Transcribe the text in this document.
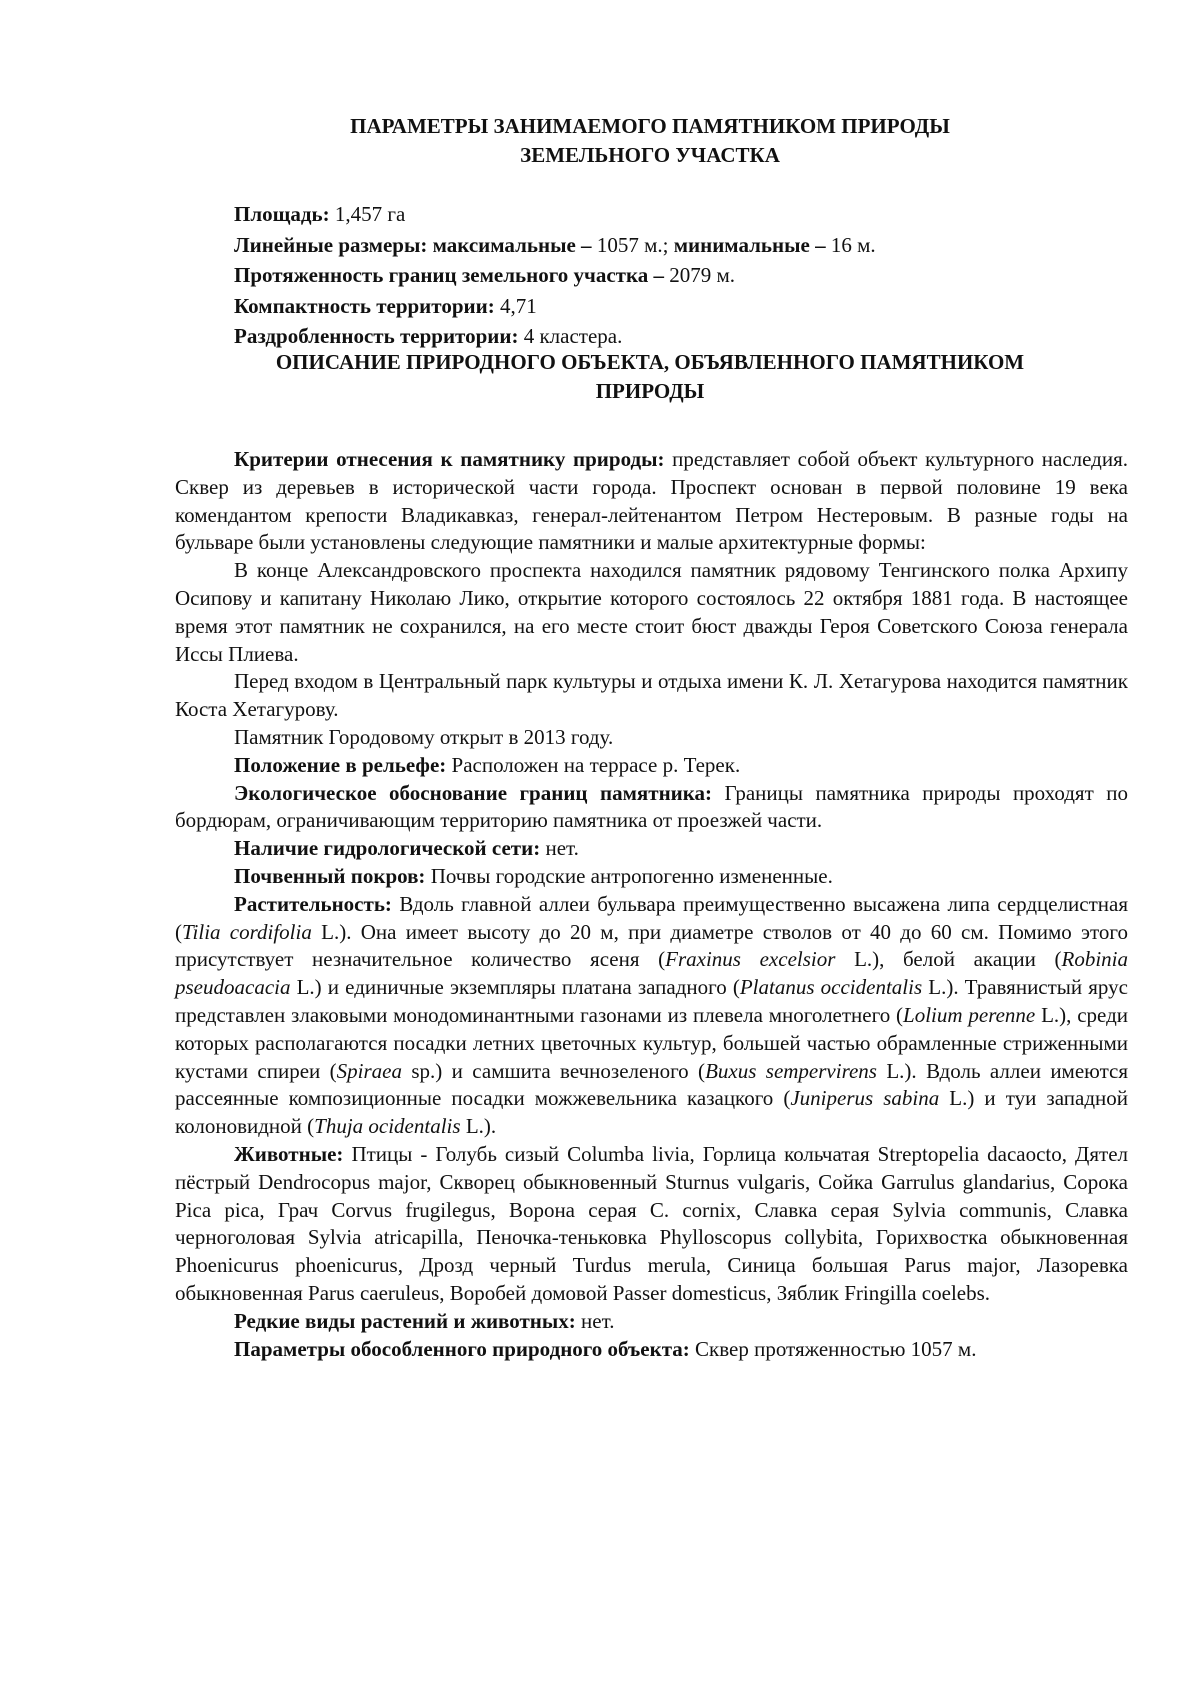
ПАРАМЕТРЫ ЗАНИМАЕМОГО ПАМЯТНИКОМ ПРИРОДЫ
ЗЕМЕЛЬНОГО УЧАСТКА
Площадь: 1,457 га
Линейные размеры: максимальные – 1057 м.; минимальные – 16 м.
Протяженность границ земельного участка – 2079 м.
Компактность территории: 4,71
Раздробленность территории: 4 кластера.
ОПИСАНИЕ ПРИРОДНОГО ОБЪЕКТА, ОБЪЯВЛЕННОГО ПАМЯТНИКОМ
ПРИРОДЫ

Критерии отнесения к памятнику природы: представляет собой объект культурного наследия. Сквер из деревьев в исторической части города. Проспект основан в первой половине 19 века комендантом крепости Владикавказ, генерал-лейтенантом Петром Нестеровым. В разные годы на бульваре были установлены следующие памятники и малые архитектурные формы:

В конце Александровского проспекта находился памятник рядовому Тенгинского полка Архипу Осипову и капитану Николаю Лико, открытие которого состоялось 22 октября 1881 года. В настоящее время этот памятник не сохранился, на его месте стоит бюст дважды Героя Советского Союза генерала Иссы Плиева.

Перед входом в Центральный парк культуры и отдыха имени К. Л. Хетагурова находится памятник Коста Хетагурову.

Памятник Городовому открыт в 2013 году.

Положение в рельефе: Расположен на террасе р. Терек.

Экологическое обоснование границ памятника: Границы памятника природы проходят по бордюрам, ограничивающим территорию памятника от проезжей части.

Наличие гидрологической сети: нет.

Почвенный покров: Почвы городские антропогенно измененные.

Растительность: Вдоль главной аллеи бульвара преимущественно высажена липа сердцелистная (Tilia cordifolia L.). Она имеет высоту до 20 м, при диаметре стволов от 40 до 60 см. Помимо этого присутствует незначительное количество ясеня (Fraxinus excelsior L.), белой акации (Robinia pseudoacacia L.) и единичные экземпляры платана западного (Platanus occidentalis L.). Травянистый ярус представлен злаковыми монодоминантными газонами из плевела многолетнего (Lolium perenne L.), среди которых располагаются посадки летних цветочных культур, большей частью обрамленные стриженными кустами спиреи (Spiraea sp.) и самшита вечнозеленого (Buxus sempervirens L.). Вдоль аллеи имеются рассеянные композиционные посадки можжевельника казацкого (Juniperus sabina L.) и туи западной колоновидной (Thuja ocidentalis L.).

Животные: Птицы - Голубь сизый Columba livia, Горлица кольчатая Streptopelia dacaocto, Дятел пёстрый Dendrocopus major, Скворец обыкновенный Sturnus vulgaris, Сойка Garrulus glandarius, Сорока Pica pica, Грач Corvus frugilegus, Ворона серая C. cornix, Славка серая Sylvia communis, Славка черноголовая Sylvia atricapilla, Пеночка-теньковка Phylloscopus collybita, Горихвостка обыкновенная Phoenicurus phoenicurus, Дрозд черный Turdus merula, Синица большая Parus major, Лазоревка обыкновенная Parus caeruleus, Воробей домовой Passer domesticus, Зяблик Fringilla coelebs.

Редкие виды растений и животных: нет.

Параметры обособленного природного объекта: Сквер протяженностью 1057 м.
